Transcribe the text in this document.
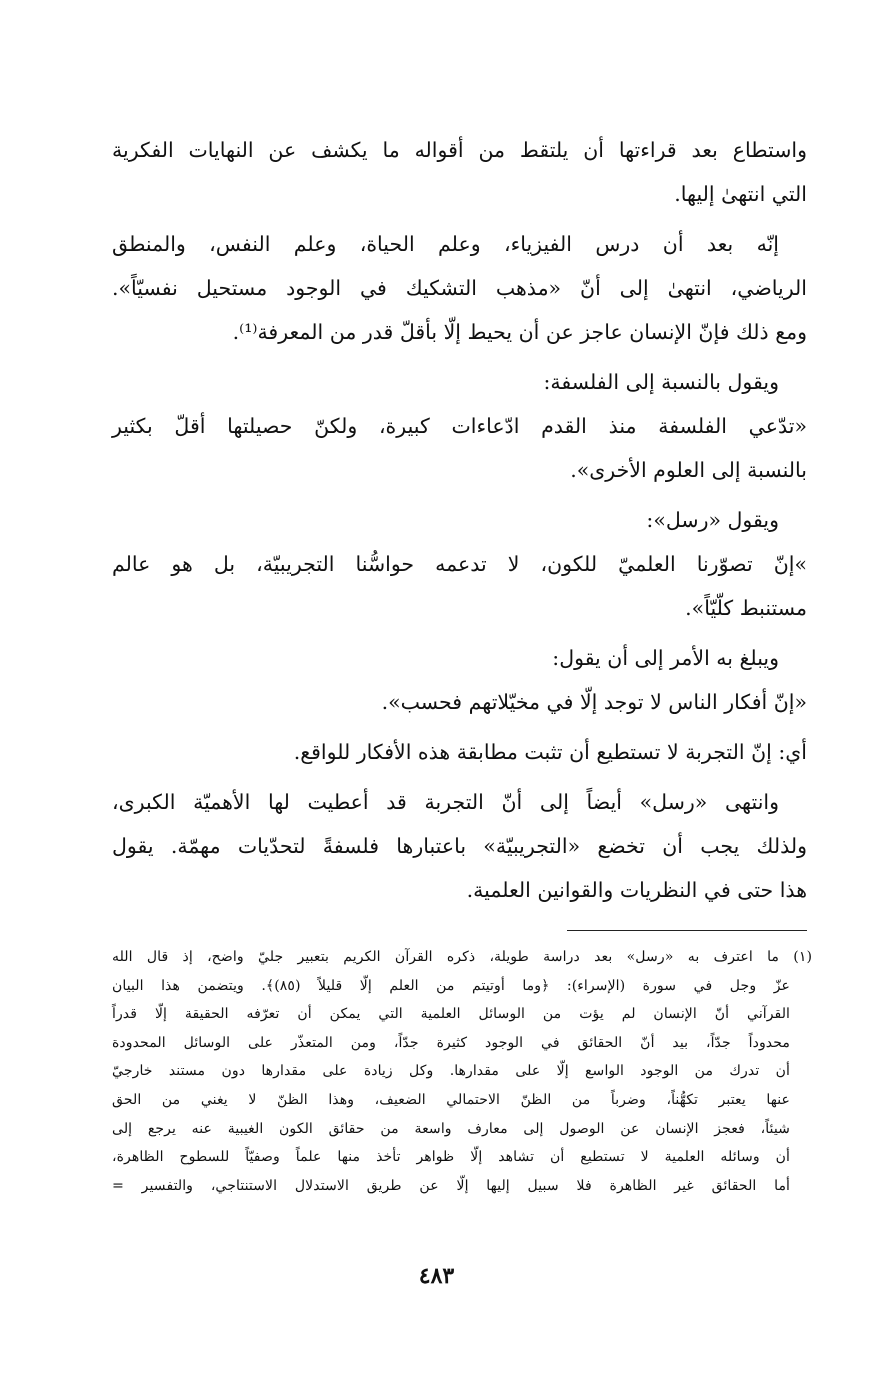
واستطاع بعد قراءتها أن يلتقط من أقواله ما يكشف عن النهايات الفكرية
التي انتهىٰ إليها.
إنّه بعد أن درس الفيزياء، وعلم الحياة، وعلم النفس، والمنطق
الرياضي، انتهىٰ إلى أنّ «مذهب التشكيك في الوجود مستحيل نفسيّاً».
ومع ذلك فإنّ الإنسان عاجز عن أن يحيط إلّا بأقلّ قدر من المعرفة⁽¹⁾.
ويقول بالنسبة إلى الفلسفة:
«تدّعي الفلسفة منذ القدم ادّعاءات كبيرة، ولكنّ حصيلتها أقلّ بكثير
بالنسبة إلى العلوم الأخرى».
ويقول «رسل»:
»إنّ تصوّرنا العلميّ للكون، لا تدعمه حواسُّنا التجريبيّة، بل هو عالم
مستنبط كلّيّاً».
ويبلغ به الأمر إلى أن يقول:
«إنّ أفكار الناس لا توجد إلّا في مخيّلاتهم فحسب».
أي: إنّ التجربة لا تستطيع أن تثبت مطابقة هذه الأفكار للواقع.
وانتهى «رسل» أيضاً إلى أنّ التجربة قد أعطيت لها الأهميّة الكبرى،
ولذلك يجب أن تخضع «التجريبيّة» باعتبارها فلسفةً لتحدّيات مهمّة. يقول
هذا حتى في النظريات والقوانين العلمية.
(١) ما اعترف به «رسل» بعد دراسة طويلة، ذكره القرآن الكريم بتعبير جليّ واضح، إذ قال الله
عزّ وجل في سورة (الإسراء): ﴿وما أوتيتم من العلم إلّا قليلاً (٨٥)﴾. ويتضمن هذا البيان
القرآني أنّ الإنسان لم يؤت من الوسائل العلمية التي يمكن أن تعرّفه الحقيقة إلّا قدراً
محدوداً جدّاً، بيد أنّ الحقائق في الوجود كثيرة جدّاً، ومن المتعذّر على الوسائل المحدودة
أن تدرك من الوجود الواسع إلّا على مقدارها. وكل زيادة على مقدارها دون مستند خارجيّ
عنها يعتبر تكهُّناً، وضرباً من الظنّ الاحتمالي الضعيف، وهذا الظنّ لا يغني من الحق
شيئاً، فعجز الإنسان عن الوصول إلى معارف واسعة من حقائق الكون الغيبية عنه يرجع إلى
أن وسائله العلمية لا تستطيع أن تشاهد إلّا ظواهر تأخذ منها علماً وصفيّاً للسطوح الظاهرة،
أما الحقائق غير الظاهرة فلا سبيل إليها إلّا عن طريق الاستدلال الاستنتاجي، والتفسير =
٤٨٣
